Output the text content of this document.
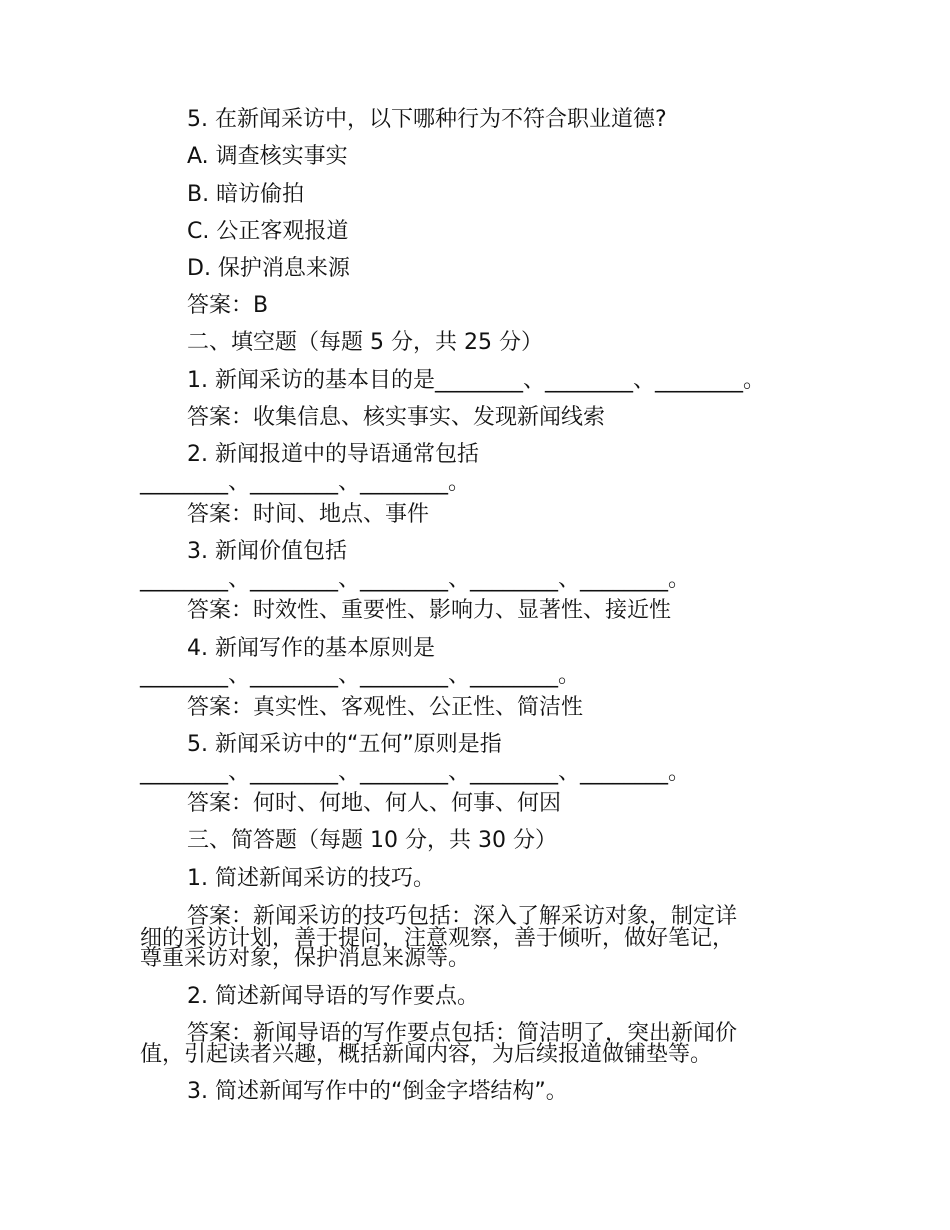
5. 在新闻采访中，以下哪种行为不符合职业道德?
A. 调查核实事实
B. 暗访偷拍
C. 公正客观报道
D. 保护消息来源
答案：B
二、填空题（每题 5 分，共 25 分）
1. 新闻采访的基本目的是________、________、________。
答案：收集信息、核实事实、发现新闻线索
2. 新闻报道中的导语通常包括
________、________、________。
答案：时间、地点、事件
3. 新闻价值包括
________、________、________、________、________。
答案：时效性、重要性、影响力、显著性、接近性
4. 新闻写作的基本原则是
________、________、________、________。
答案：真实性、客观性、公正性、简洁性
5. 新闻采访中的“五何”原则是指
________、________、________、________、________。
答案：何时、何地、何人、何事、何因
三、简答题（每题 10 分，共 30 分）
1. 简述新闻采访的技巧。
答案：新闻采访的技巧包括：深入了解采访对象，制定详
细的采访计划，善于提问，注意观察，善于倾听，做好笔记，
尊重采访对象，保护消息来源等。
2. 简述新闻导语的写作要点。
答案：新闻导语的写作要点包括：简洁明了，突出新闻价
值，引起读者兴趣，概括新闻内容，为后续报道做铺垫等。
3. 简述新闻写作中的“倒金字塔结构”。
